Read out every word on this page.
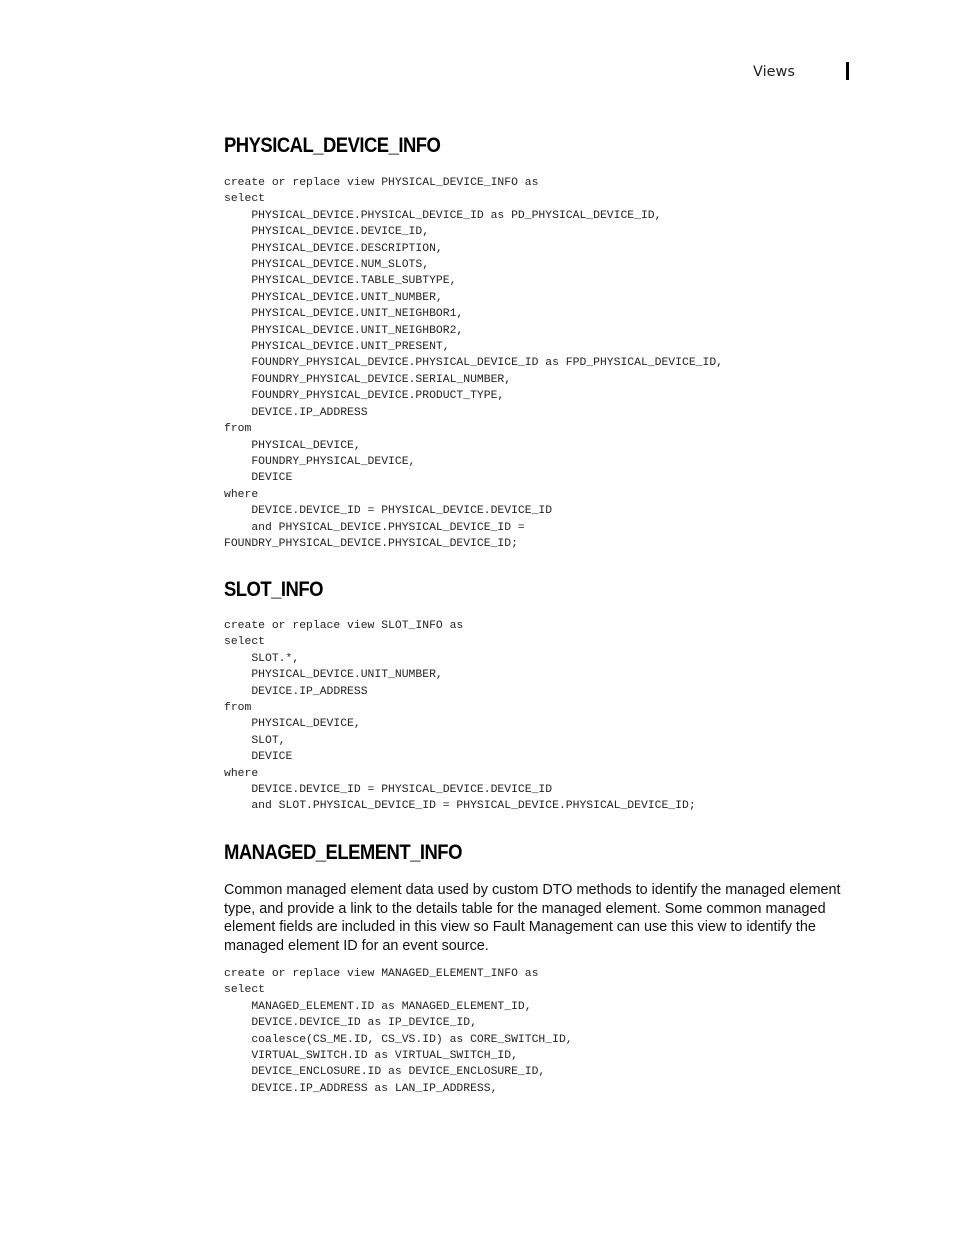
Views
PHYSICAL_DEVICE_INFO
create or replace view PHYSICAL_DEVICE_INFO as
select
PHYSICAL_DEVICE.PHYSICAL_DEVICE_ID as PD_PHYSICAL_DEVICE_ID,
PHYSICAL_DEVICE.DEVICE_ID,
PHYSICAL_DEVICE.DESCRIPTION,
PHYSICAL_DEVICE.NUM_SLOTS,
PHYSICAL_DEVICE.TABLE_SUBTYPE,
PHYSICAL_DEVICE.UNIT_NUMBER,
PHYSICAL_DEVICE.UNIT_NEIGHBOR1,
PHYSICAL_DEVICE.UNIT_NEIGHBOR2,
PHYSICAL_DEVICE.UNIT_PRESENT,
FOUNDRY_PHYSICAL_DEVICE.PHYSICAL_DEVICE_ID as FPD_PHYSICAL_DEVICE_ID,
FOUNDRY_PHYSICAL_DEVICE.SERIAL_NUMBER,
FOUNDRY_PHYSICAL_DEVICE.PRODUCT_TYPE,
DEVICE.IP_ADDRESS
from
PHYSICAL_DEVICE,
FOUNDRY_PHYSICAL_DEVICE,
DEVICE
where
DEVICE.DEVICE_ID = PHYSICAL_DEVICE.DEVICE_ID
and PHYSICAL_DEVICE.PHYSICAL_DEVICE_ID =
FOUNDRY_PHYSICAL_DEVICE.PHYSICAL_DEVICE_ID;
SLOT_INFO
create or replace view SLOT_INFO as
select
SLOT.*,
PHYSICAL_DEVICE.UNIT_NUMBER,
DEVICE.IP_ADDRESS
from
PHYSICAL_DEVICE,
SLOT,
DEVICE
where
DEVICE.DEVICE_ID = PHYSICAL_DEVICE.DEVICE_ID
and SLOT.PHYSICAL_DEVICE_ID = PHYSICAL_DEVICE.PHYSICAL_DEVICE_ID;
MANAGED_ELEMENT_INFO

Common managed element data used by custom DTO methods to identify the managed element type, and provide a link to the details table for the managed element. Some common managed element fields are included in this view so Fault Management can use this view to identify the managed element ID for an event source.

create or replace view MANAGED_ELEMENT_INFO as
select
MANAGED_ELEMENT.ID as MANAGED_ELEMENT_ID,
DEVICE.DEVICE_ID as IP_DEVICE_ID,
coalesce(CS_ME.ID, CS_VS.ID) as CORE_SWITCH_ID,
VIRTUAL_SWITCH.ID as VIRTUAL_SWITCH_ID,
DEVICE_ENCLOSURE.ID as DEVICE_ENCLOSURE_ID,
DEVICE.IP_ADDRESS as LAN_IP_ADDRESS,
